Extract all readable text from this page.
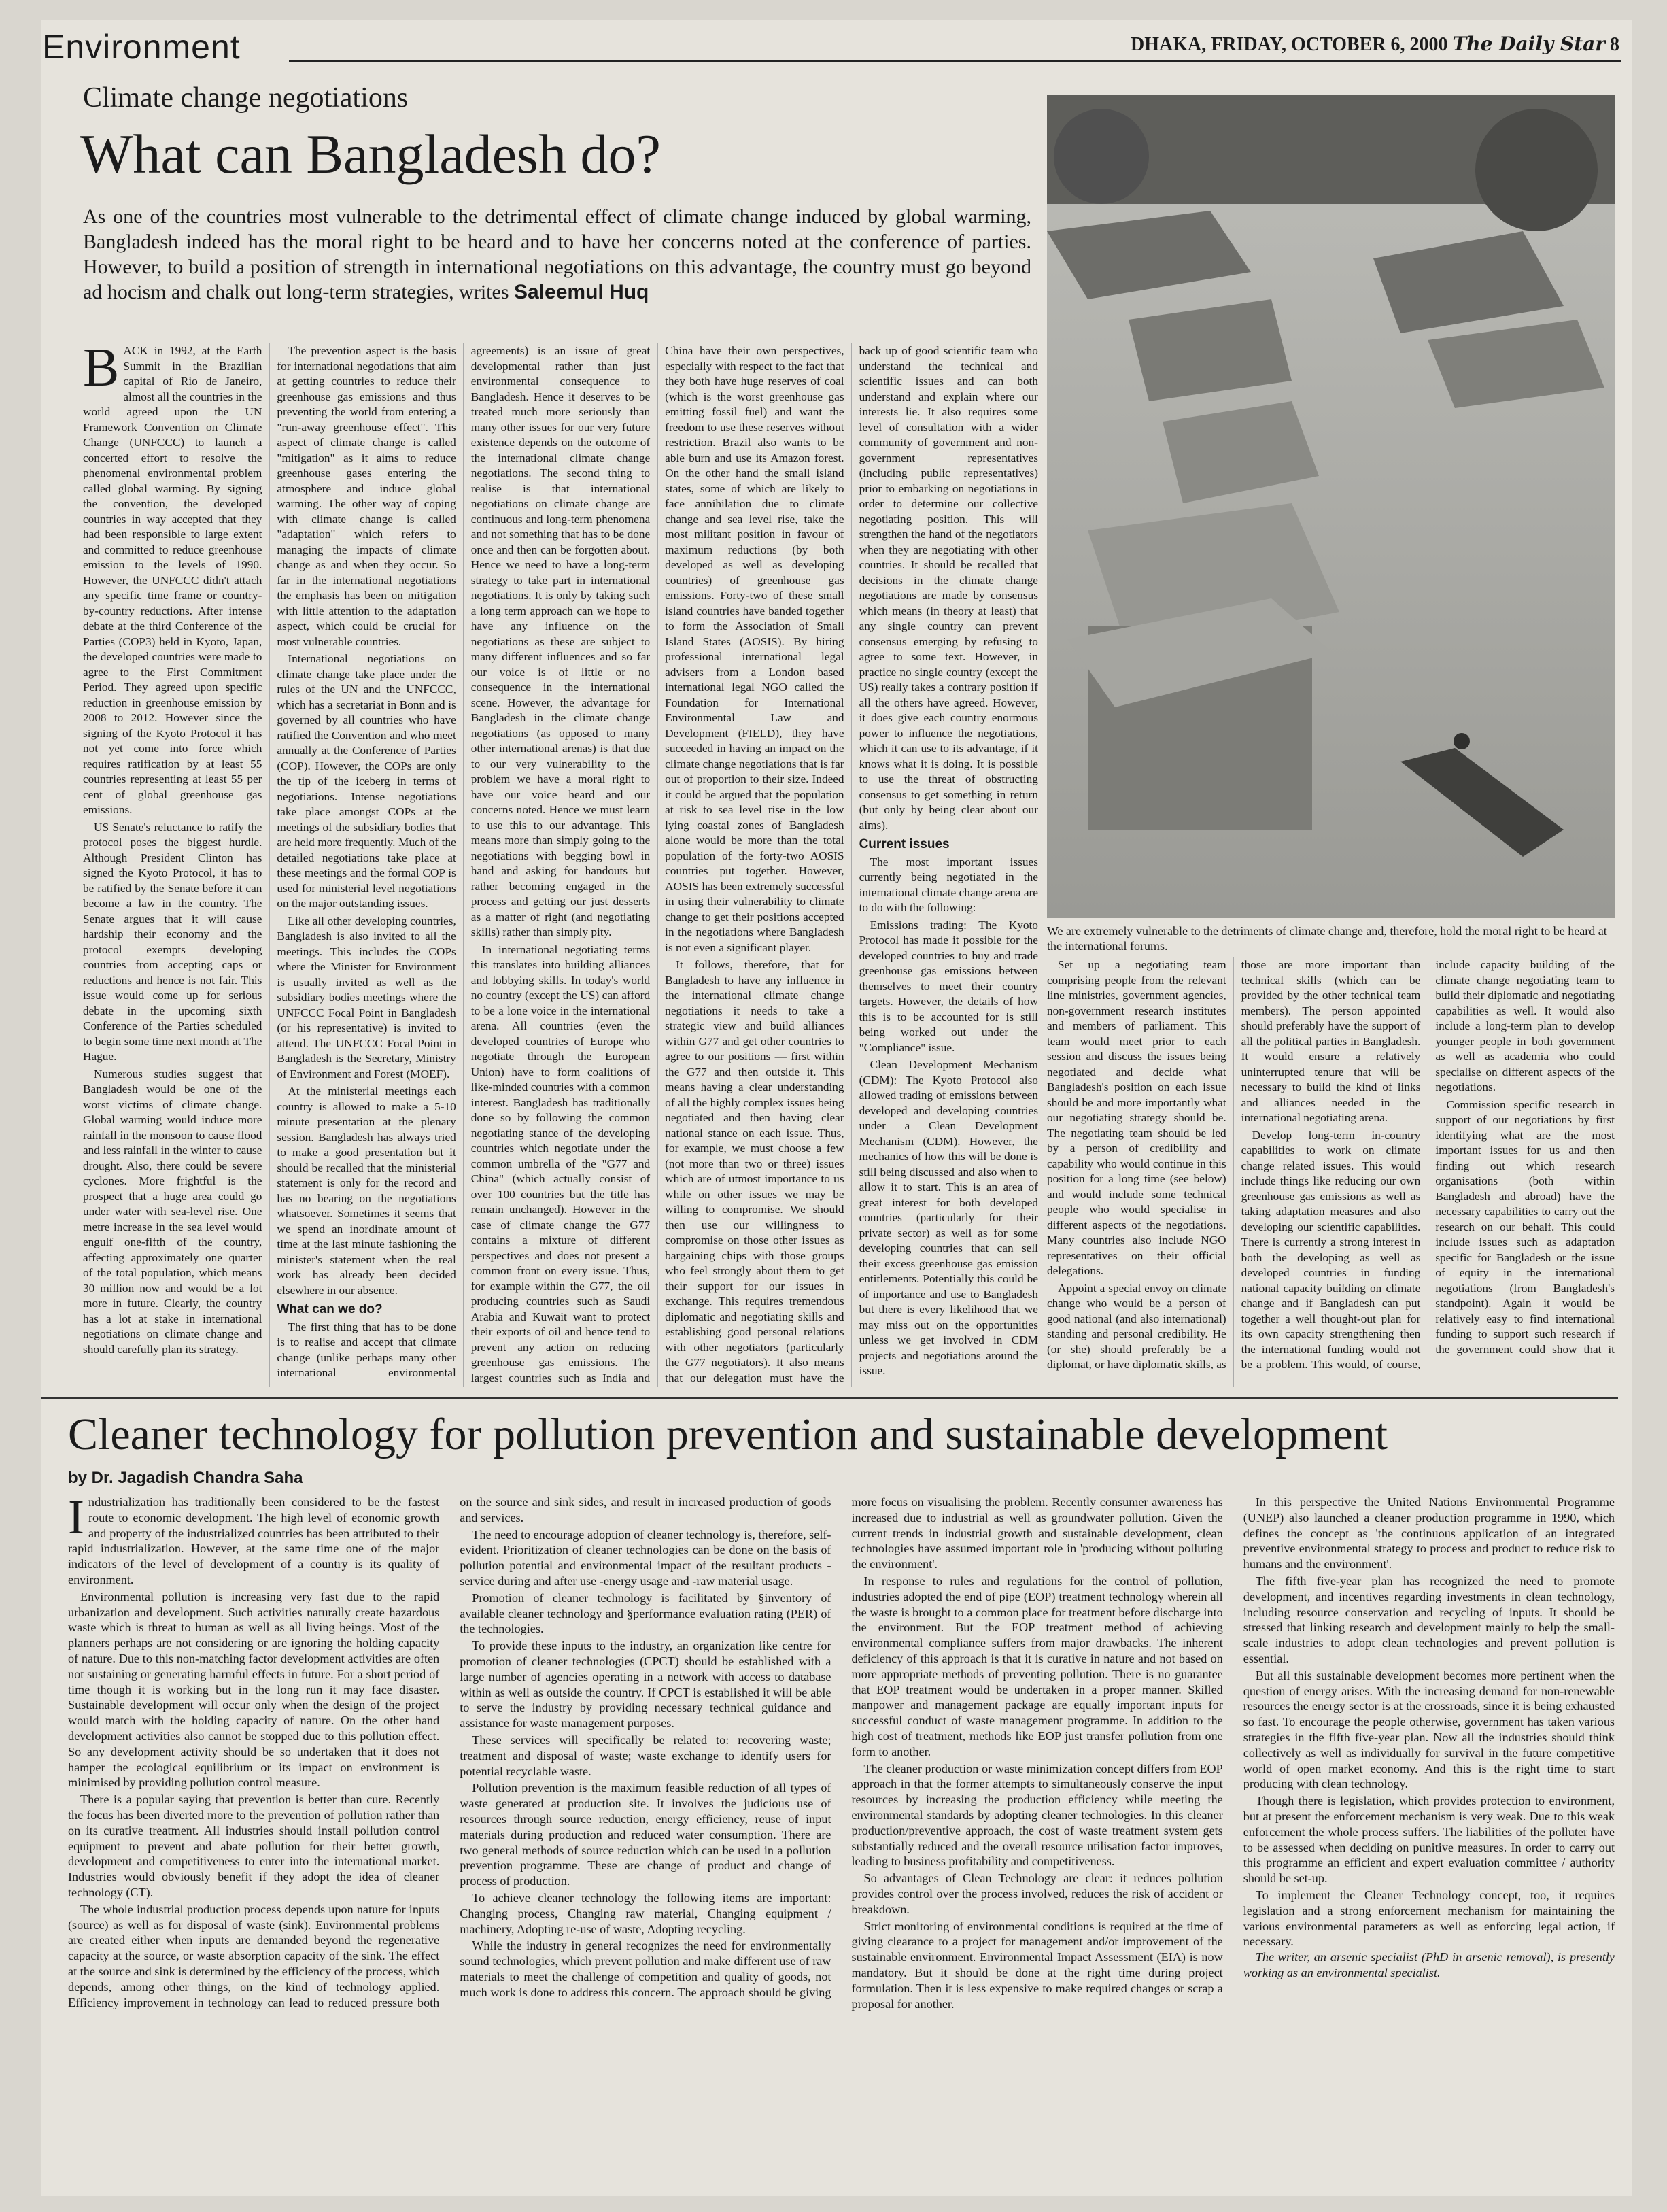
Environment	DHAKA, FRIDAY, OCTOBER 6, 2000 The Daily Star 8
Climate change negotiations
What can Bangladesh do?
As one of the countries most vulnerable to the detrimental effect of climate change induced by global warming, Bangladesh indeed has the moral right to be heard and to have her concerns noted at the conference of parties. However, to build a position of strength in international negotiations on this advantage, the country must go beyond ad hocism and chalk out long-term strategies, writes Saleemul Huq

BACK in 1992, at the Earth Summit in the Brazilian capital of Rio de Janeiro, almost all the countries in the world agreed upon the UN Framework Convention on Climate Change (UNFCCC) to launch a concerted effort to resolve the phenomenal environmental problem called global warming. By signing the convention, the developed countries in way accepted that they had been responsible to large extent and committed to reduce greenhouse emission to the levels of 1990. However, the UNFCCC didn't attach any specific time frame or country-by-country reductions. After intense debate at the third Conference of the Parties (COP3) held in Kyoto, Japan, the developed countries were made to agree to the First Commitment Period. They agreed upon specific reduction in greenhouse emission by 2008 to 2012. However since the signing of the Kyoto Protocol it has not yet come into force which requires ratification by at least 55 countries representing at least 55 per cent of global greenhouse gas emissions.

US Senate's reluctance to ratify the protocol poses the biggest hurdle. Although President Clinton has signed the Kyoto Protocol, it has to be ratified by the Senate before it can become a law in the country. The Senate argues that it will cause hardship their economy and the protocol exempts developing countries from accepting caps or reductions and hence is not fair. This issue would come up for serious debate in the upcoming sixth Conference of the Parties scheduled to begin some time next month at The Hague.

Numerous studies suggest that Bangladesh would be one of the worst victims of climate change. Global warming would induce more rainfall in the monsoon to cause flood and less rainfall in the winter to cause drought. Also, there could be severe cyclones. More frightful is the prospect that a huge area could go under water with sea-level rise. One metre increase in the sea level would engulf one-fifth of the country, affecting approximately one quarter of the total population, which means 30 million now and would be a lot more in future. Clearly, the country has a lot at stake in international negotiations on climate change and should carefully plan its strategy.

The prevention aspect is the basis for international negotiations that aim at getting countries to reduce their greenhouse gas emissions and thus preventing the world from entering a "run-away greenhouse effect". This aspect of climate change is called "mitigation" as it aims to reduce greenhouse gases entering the atmosphere and induce global warming. The other way of coping with climate change is called "adaptation" which refers to managing the impacts of climate change as and when they occur. So far in the international negotiations the emphasis has been on mitigation with little attention to the adaptation aspect, which could be crucial for most vulnerable countries.

International negotiations on climate change take place under the rules of the UN and the UNFCCC, which has a secretariat in Bonn and is governed by all countries who have ratified the Convention and who meet annually at the Conference of Parties (COP). However, the COPs are only the tip of the iceberg in terms of negotiations. Intense negotiations take place amongst COPs at the meetings of the subsidiary bodies that are held more frequently. Much of the detailed negotiations take place at these meetings and the formal COP is used for ministerial level negotiations on the major outstanding issues.

Like all other developing countries, Bangladesh is also invited to all the meetings. This includes the COPs where the Minister for Environment is usually invited as well as the subsidiary bodies meetings where the UNFCCC Focal Point in Bangladesh (or his representative) is invited to attend. The UNFCCC Focal Point in Bangladesh is the Secretary, Ministry of Environment and Forest (MOEF).

At the ministerial meetings each country is allowed to make a 5-10 minute presentation at the plenary session. Bangladesh has always tried to make a good presentation but it should be recalled that the ministerial statement is only for the record and has no bearing on the negotiations whatsoever. Sometimes it seems that we spend an inordinate amount of time at the last minute fashioning the minister's statement when the real work has already been decided elsewhere in our absence.

What can we do?

The first thing that has to be done is to realise and accept that climate change (unlike perhaps many other international environmental agreements) is an issue of great developmental rather than just environmental consequence to Bangladesh. Hence it deserves to be treated much more seriously than many other issues for our very future existence depends on the outcome of the international climate change negotiations. The second thing to realise is that international negotiations on climate change are continuous and long-term phenomena and not something that has to be done once and then can be forgotten about. Hence we need to have a long-term strategy to take part in international negotiations. It is only by taking such a long term approach can we hope to have any influence on the negotiations as these are subject to many different influences and so far our voice is of little or no consequence in the international scene. However, the advantage for Bangladesh in the climate change negotiations (as opposed to many other international arenas) is that due to our very vulnerability to the problem we have a moral right to have our voice heard and our concerns noted. Hence we must learn to use this to our advantage. This means more than simply going to the negotiations with begging bowl in hand and asking for handouts but rather becoming engaged in the process and getting our just desserts as a matter of right (and negotiating skills) rather than simply pity.

In international negotiating terms this translates into building alliances and lobbying skills. In today's world no country (except the US) can afford to be a lone voice in the international arena. All countries (even the developed countries of Europe who negotiate through the European Union) have to form coalitions of like-minded countries with a common interest. Bangladesh has traditionally done so by following the common negotiating stance of the developing countries which negotiate under the common umbrella of the "G77 and China" (which actually consist of over 100 countries but the title has remain unchanged). However in the case of climate change the G77 contains a mixture of different perspectives and does not present a common front on every issue. Thus, for example within the G77, the oil producing countries such as Saudi Arabia and Kuwait want to protect their exports of oil and hence tend to prevent any action on reducing greenhouse gas emissions. The largest countries such as India and China have their own perspectives, especially with respect to the fact that they both have huge reserves of coal (which is the worst greenhouse gas emitting fossil fuel) and want the freedom to use these reserves without restriction. Brazil also wants to be able burn and use its Amazon forest. On the other hand the small island states, some of which are likely to face annihilation due to climate change and sea level rise, take the most militant position in favour of maximum reductions (by both developed as well as developing countries) of greenhouse gas emissions. Forty-two of these small island countries have banded together to form the Association of Small Island States (AOSIS). By hiring professional international legal advisers from a London based international legal NGO called the Foundation for International Environmental Law and Development (FIELD), they have succeeded in having an impact on the climate change negotiations that is far out of proportion to their size. Indeed it could be argued that the population at risk to sea level rise in the low lying coastal zones of Bangladesh alone would be more than the total population of the forty-two AOSIS countries put together. However, AOSIS has been extremely successful in using their vulnerability to climate change to get their positions accepted in the negotiations where Bangladesh is not even a significant player.

It follows, therefore, that for Bangladesh to have any influence in the international climate change negotiations it needs to take a strategic view and build alliances within G77 and get other countries to agree to our positions — first within the G77 and then outside it. This means having a clear understanding of all the highly complex issues being negotiated and then having clear national stance on each issue. Thus, for example, we must choose a few (not more than two or three) issues which are of utmost importance to us while on other issues we may be willing to compromise. We should then use our willingness to compromise on those other issues as bargaining chips with those groups who feel strongly about them to get their support for our issues in exchange. This requires tremendous diplomatic and negotiating skills and establishing good personal relations with other negotiators (particularly the G77 negotiators). It also means that our delegation must have the back up of good scientific team who understand the technical and scientific issues and can both understand and explain where our interests lie. It also requires some level of consultation with a wider community of government and non-government representatives (including public representatives) prior to embarking on negotiations in order to determine our collective negotiating position. This will strengthen the hand of the negotiators when they are negotiating with other countries. It should be recalled that decisions in the climate change negotiations are made by consensus which means (in theory at least) that any single country can prevent consensus emerging by refusing to agree to some text. However, in practice no single country (except the US) really takes a contrary position if all the others have agreed. However, it does give each country enormous power to influence the negotiations, which it can use to its advantage, if it knows what it is doing. It is possible to use the threat of obstructing consensus to get something in return (but only by being clear about our aims).

Current issues

The most important issues currently being negotiated in the international climate change arena are to do with the following:

Emissions trading: The Kyoto Protocol has made it possible for the developed countries to buy and trade greenhouse gas emissions between themselves to meet their country targets. However, the details of how this is to be accounted for is still being worked out under the "Compliance" issue.

Clean Development Mechanism (CDM): The Kyoto Protocol also allowed trading of emissions between developed and developing countries under a Clean Development Mechanism (CDM). However, the mechanics of how this will be done is still being discussed and also when to allow it to start. This is an area of great interest for both developed countries (particularly for their private sector) as well as for some developing countries that can sell their excess greenhouse gas emission entitlements. Potentially this could be of importance and use to Bangladesh but there is every likelihood that we may miss out on the opportunities unless we get involved in CDM projects and negotiations around the issue.

We are extremely vulnerable to the detriments of climate change and, therefore, hold the moral right to be heard at the international forums.

Set up a negotiating team comprising people from the relevant line ministries, government agencies, non-government research institutes and members of parliament. This team would meet prior to each session and discuss the issues being negotiated and decide what Bangladesh's position on each issue should be and more importantly what our negotiating strategy should be. The negotiating team should be led by a person of credibility and capability who would continue in this position for a long time (see below) and would include some technical people who would specialise in different aspects of the negotiations. Many countries also include NGO representatives on their official delegations.

Appoint a special envoy on climate change who would be a person of good national (and also international) standing and personal credibility. He (or she) should preferably be a diplomat, or have diplomatic skills, as those are more important than technical skills (which can be provided by the other technical team members). The person appointed should preferably have the support of all the political parties in Bangladesh. It would ensure a relatively uninterrupted tenure that will be necessary to build the kind of links and alliances needed in the international negotiating arena.

Develop long-term in-country capabilities to work on climate change related issues. This would include things like reducing our own greenhouse gas emissions as well as taking adaptation measures and also developing our scientific capabilities. There is currently a strong interest in both the developing as well as developed countries in funding national capacity building on climate change and if Bangladesh can put together a well thought-out plan for its own capacity strengthening then the international funding would not be a problem. This would, of course, include capacity building of the climate change negotiating team to build their diplomatic and negotiating capabilities as well. It would also include a long-term plan to develop younger people in both government as well as academia who could specialise on different aspects of the negotiations.

Commission specific research in support of our negotiations by first identifying what are the most important issues for us and then finding out which research organisations (both within Bangladesh and abroad) have the necessary capabilities to carry out the research on our behalf. This could include issues such as adaptation specific for Bangladesh or the issue of equity in the international negotiations (from Bangladesh's standpoint). Again it would be relatively easy to find international funding to support such research if the government could show that it

Cleaner technology for pollution prevention and sustainable development
by Dr. Jagadish Chandra Saha

Industrialization has traditionally been considered to be the fastest route to economic development. The high level of economic growth and property of the industrialized countries has been attributed to their rapid industrialization. However, at the same time one of the major indicators of the level of development of a country is its quality of environment.

Environmental pollution is increasing very fast due to the rapid urbanization and development. Such activities naturally create hazardous waste which is threat to human as well as all living beings. Most of the planners perhaps are not considering or are ignoring the holding capacity of nature. Due to this non-matching factor development activities are often not sustaining or generating harmful effects in future. For a short period of time though it is working but in the long run it may face disaster. Sustainable development will occur only when the design of the project would match with the holding capacity of nature. On the other hand development activities also cannot be stopped due to this pollution effect. So any development activity should be so undertaken that it does not hamper the ecological equilibrium or its impact on environment is minimised by providing pollution control measure.

There is a popular saying that prevention is better than cure. Recently the focus has been diverted more to the prevention of pollution rather than on its curative treatment. All industries should install pollution control equipment to prevent and abate pollution for their better growth, development and competitiveness to enter into the international market. Industries would obviously benefit if they adopt the idea of cleaner technology (CT).

The whole industrial production process depends upon nature for inputs (source) as well as for disposal of waste (sink). Environmental problems are created either when inputs are demanded beyond the regenerative capacity at the source, or waste absorption capacity of the sink. The effect at the source and sink is determined by the efficiency of the process, which depends, among other things, on the kind of technology applied. Efficiency improvement in technology can lead to reduced pressure both on the source and sink sides, and result in increased production of goods and services.

The need to encourage adoption of cleaner technology is, therefore, self-evident. Prioritization of cleaner technologies can be done on the basis of pollution potential and environmental impact of the resultant products -service during and after use -energy usage and -raw material usage.

Promotion of cleaner technology is facilitated by §inventory of available cleaner technology and §performance evaluation rating (PER) of the technologies.

To provide these inputs to the industry, an organization like centre for promotion of cleaner technologies (CPCT) should be established with a large number of agencies operating in a network with access to database within as well as outside the country. If CPCT is established it will be able to serve the industry by providing necessary technical guidance and assistance for waste management purposes.

These services will specifically be related to: recovering waste; treatment and disposal of waste; waste exchange to identify users for potential recyclable waste.

Pollution prevention is the maximum feasible reduction of all types of waste generated at production site. It involves the judicious use of resources through source reduction, energy efficiency, reuse of input materials during production and reduced water consumption. There are two general methods of source reduction which can be used in a pollution prevention programme. These are change of product and change of process of production.

To achieve cleaner technology the following items are important: Changing process, Changing raw material, Changing equipment / machinery, Adopting re-use of waste, Adopting recycling.

While the industry in general recognizes the need for environmentally sound technologies, which prevent pollution and make different use of raw materials to meet the challenge of competition and quality of goods, not much work is done to address this concern. The approach should be giving more focus on visualising the problem. Recently consumer awareness has increased due to industrial as well as groundwater pollution. Given the current trends in industrial growth and sustainable development, clean technologies have assumed important role in 'producing without polluting the environment'.

In response to rules and regulations for the control of pollution, industries adopted the end of pipe (EOP) treatment technology wherein all the waste is brought to a common place for treatment before discharge into the environment. But the EOP treatment method of achieving environmental compliance suffers from major drawbacks. The inherent deficiency of this approach is that it is curative in nature and not based on more appropriate methods of preventing pollution. There is no guarantee that EOP treatment would be undertaken in a proper manner. Skilled manpower and management package are equally important inputs for successful conduct of waste management programme. In addition to the high cost of treatment, methods like EOP just transfer pollution from one form to another.

The cleaner production or waste minimization concept differs from EOP approach in that the former attempts to simultaneously conserve the input resources by increasing the production efficiency while meeting the environmental standards by adopting cleaner technologies. In this cleaner production/preventive approach, the cost of waste treatment system gets substantially reduced and the overall resource utilisation factor improves, leading to business profitability and competitiveness.

So advantages of Clean Technology are clear: it reduces pollution provides control over the process involved, reduces the risk of accident or breakdown.

Strict monitoring of environmental conditions is required at the time of giving clearance to a project for management and/or improvement of the sustainable environment. Environmental Impact Assessment (EIA) is now mandatory. But it should be done at the right time during project formulation. Then it is less expensive to make required changes or scrap a proposal for another.

In this perspective the United Nations Environmental Programme (UNEP) also launched a cleaner production programme in 1990, which defines the concept as 'the continuous application of an integrated preventive environmental strategy to process and product to reduce risk to humans and the environment'.

The fifth five-year plan has recognized the need to promote development, and incentives regarding investments in clean technology, including resource conservation and recycling of inputs. It should be stressed that linking research and development mainly to help the small-scale industries to adopt clean technologies and prevent pollution is essential.

But all this sustainable development becomes more pertinent when the question of energy arises. With the increasing demand for non-renewable resources the energy sector is at the crossroads, since it is being exhausted so fast. To encourage the people otherwise, government has taken various strategies in the fifth five-year plan. Now all the industries should think collectively as well as individually for survival in the future competitive world of open market economy. And this is the right time to start producing with clean technology.

Though there is legislation, which provides protection to environment, but at present the enforcement mechanism is very weak. Due to this weak enforcement the whole process suffers. The liabilities of the polluter have to be assessed when deciding on punitive measures. In order to carry out this programme an efficient and expert evaluation committee / authority should be set-up.

To implement the Cleaner Technology concept, too, it requires legislation and a strong enforcement mechanism for maintaining the various environmental parameters as well as enforcing legal action, if necessary.

The writer, an arsenic specialist (PhD in arsenic removal), is presently working as an environmental specialist.
